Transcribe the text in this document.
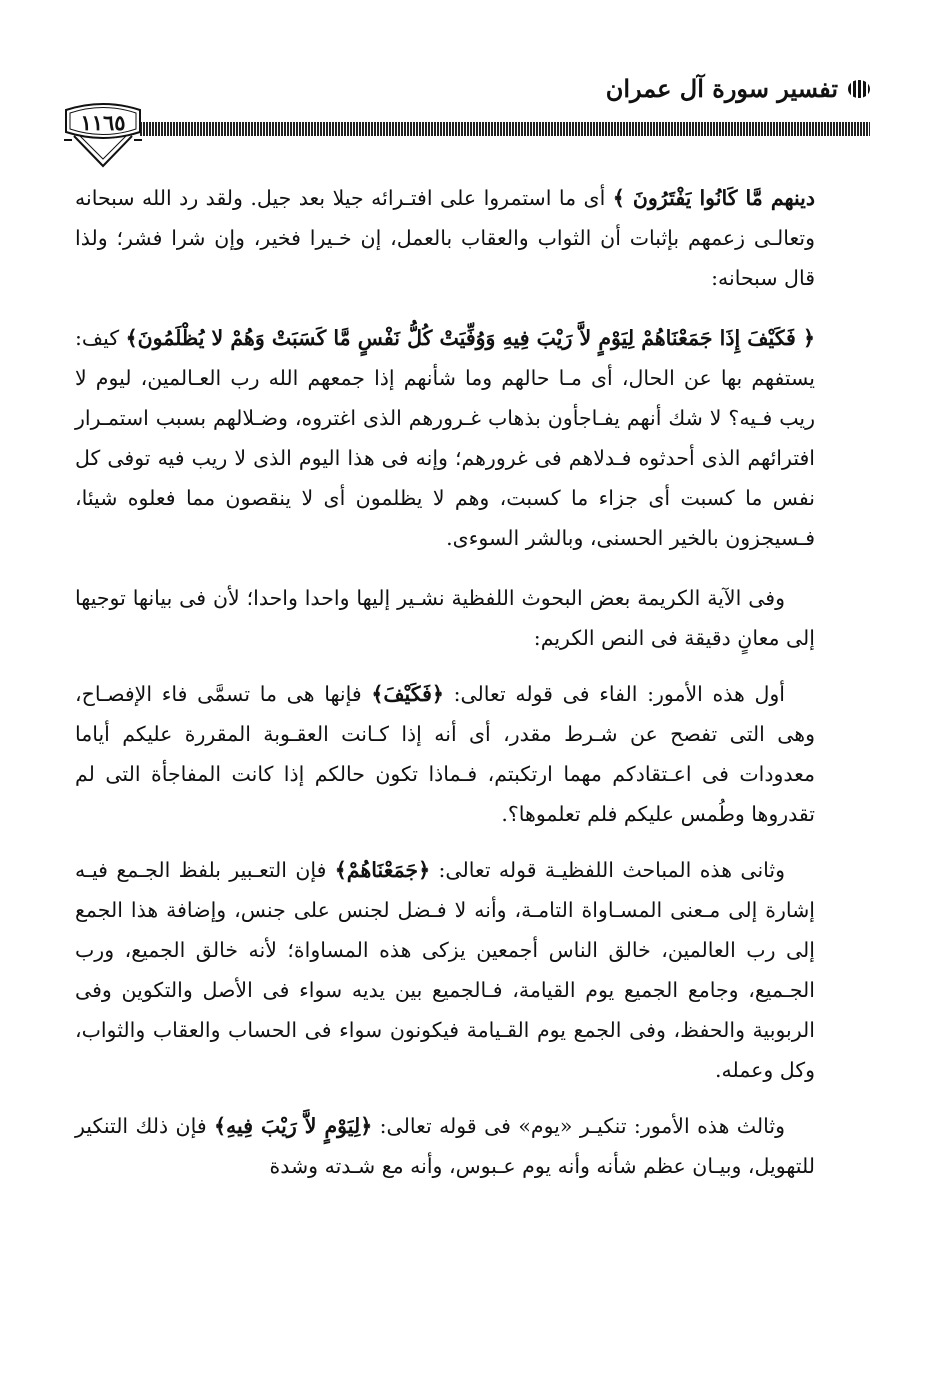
تفسير سورة آل عمران
١١٦٥

دينهم مَّا كَانُوا يَفْتَرُونَ ﴾ أى ما استمروا على افتـرائه جيلا بعد جيل. ولقد رد الله سبحانه وتعالـى زعمهم بإثبات أن الثواب والعقاب بالعمل، إن خـيرا فخير، وإن شرا فشر؛ ولذا قال سبحانه:

﴿ فَكَيْفَ إِذَا جَمَعْنَاهُمْ لِيَوْمٍ لاَّ رَيْبَ فِيهِ وَوُفِّيَتْ كُلُّ نَفْسٍ مَّا كَسَبَتْ وَهُمْ لا يُظْلَمُونَ﴾ كيف: يستفهم بها عن الحال، أى مـا حالهم وما شأنهم إذا جمعهم الله رب العـالمين، ليوم لا ريب فـيه؟ لا شك أنهم يفـاجأون بذهاب غـرورهم الذى اغتروه، وضـلالهم بسبب استمـرار افترائهم الذى أحدثوه فـدلاهم فى غرورهم؛ وإنه فى هذا اليوم الذى لا ريب فيه توفى كل نفس ما كسبت أى جزاء ما كسبت، وهم لا يظلمون أى لا ينقصون مما فعلوه شيئا، فـسيجزون بالخير الحسنى، وبالشر السوءى.

وفى الآية الكريمة بعض البحوث اللفظية نشـير إليها واحدا واحدا؛ لأن فى بيانها توجيها إلى معانٍ دقيقة فى النص الكريم:

أول هذه الأمور: الفاء فى قوله تعالى: ﴿فَكَيْفَ﴾ فإنها هى ما تسمَّى فاء الإفصـاح، وهى التى تفصح عن شـرط مقدر، أى أنه إذا كـانت العقـوبة المقررة عليكم أياما معدودات فى اعـتقادكم مهما ارتكبتم، فـماذا تكون حالكم إذا كانت المفاجأة التى لم تقدروها وطُمس عليكم فلم تعلموها؟.

وثانى هذه المباحث اللفظيـة قوله تعالى: ﴿جَمَعْنَاهُمْ﴾ فإن التعـبير بلفظ الجـمع فيـه إشارة إلى مـعنى المسـاواة التامـة، وأنه لا فـضل لجنس على جنس، وإضافة هذا الجمع إلى رب العالمين، خالق الناس أجمعين يزكى هذه المساواة؛ لأنه خالق الجميع، ورب الجـميع، وجامع الجميع يوم القيامة، فـالجميع بين يديه سواء فى الأصل والتكوين وفى الربوبية والحفظ، وفى الجمع يوم القـيامة فيكونون سواء فى الحساب والعقاب والثواب، وكل وعمله.

وثالث هذه الأمور: تنكيـر «يوم» فى قوله تعالى: ﴿لِيَوْمٍ لاَّ رَيْبَ فِيهِ﴾ فإن ذلك التنكير للتهويل، وبيـان عظم شأنه وأنه يوم عـبوس، وأنه مع شـدته وشدة
